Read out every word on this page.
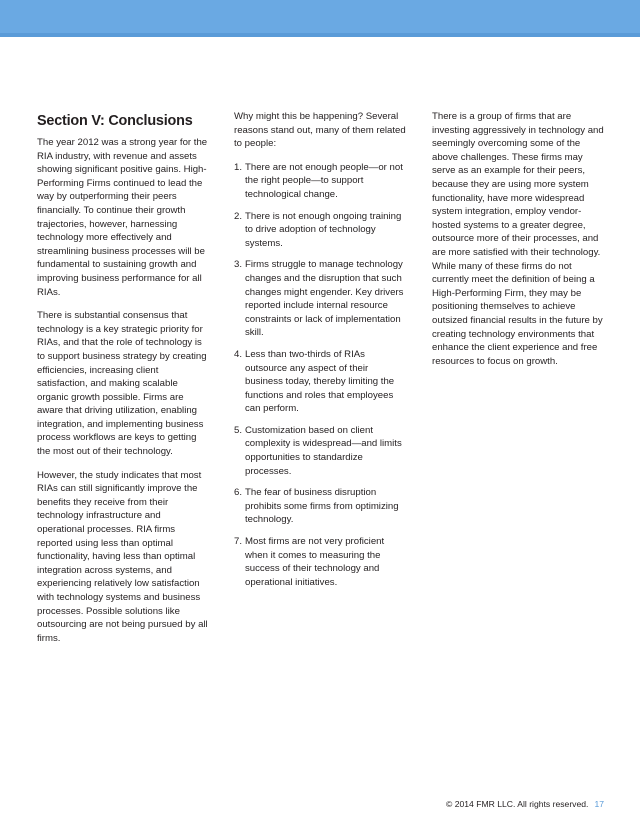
Section V: Conclusions

The year 2012 was a strong year for the RIA industry, with revenue and assets showing significant positive gains. High-Performing Firms continued to lead the way by outperforming their peers financially. To continue their growth trajectories, however, harnessing technology more effectively and streamlining business processes will be fundamental to sustaining growth and improving business performance for all RIAs.

There is substantial consensus that technology is a key strategic priority for RIAs, and that the role of technology is to support business strategy by creating efficiencies, increasing client satisfaction, and making scalable organic growth possible. Firms are aware that driving utilization, enabling integration, and implementing business process workflows are keys to getting the most out of their technology.

However, the study indicates that most RIAs can still significantly improve the benefits they receive from their technology infrastructure and operational processes. RIA firms reported using less than optimal functionality, having less than optimal integration across systems, and experiencing relatively low satisfaction with technology systems and business processes. Possible solutions like outsourcing are not being pursued by all firms.

Why might this be happening? Several reasons stand out, many of them related to people:

1. There are not enough people—or not the right people—to support technological change.
2. There is not enough ongoing training to drive adoption of technology systems.
3. Firms struggle to manage technology changes and the disruption that such changes might engender. Key drivers reported include internal resource constraints or lack of implementation skill.
4. Less than two-thirds of RIAs outsource any aspect of their business today, thereby limiting the functions and roles that employees can perform.
5. Customization based on client complexity is widespread—and limits opportunities to standardize processes.
6. The fear of business disruption prohibits some firms from optimizing technology.
7. Most firms are not very proficient when it comes to measuring the success of their technology and operational initiatives.

There is a group of firms that are investing aggressively in technology and seemingly overcoming some of the above challenges. These firms may serve as an example for their peers, because they are using more system functionality, have more widespread system integration, employ vendor-hosted systems to a greater degree, outsource more of their processes, and are more satisfied with their technology. While many of these firms do not currently meet the definition of being a High-Performing Firm, they may be positioning themselves to achieve outsized financial results in the future by creating technology environments that enhance the client experience and free resources to focus on growth.

© 2014 FMR LLC. All rights reserved. 17
